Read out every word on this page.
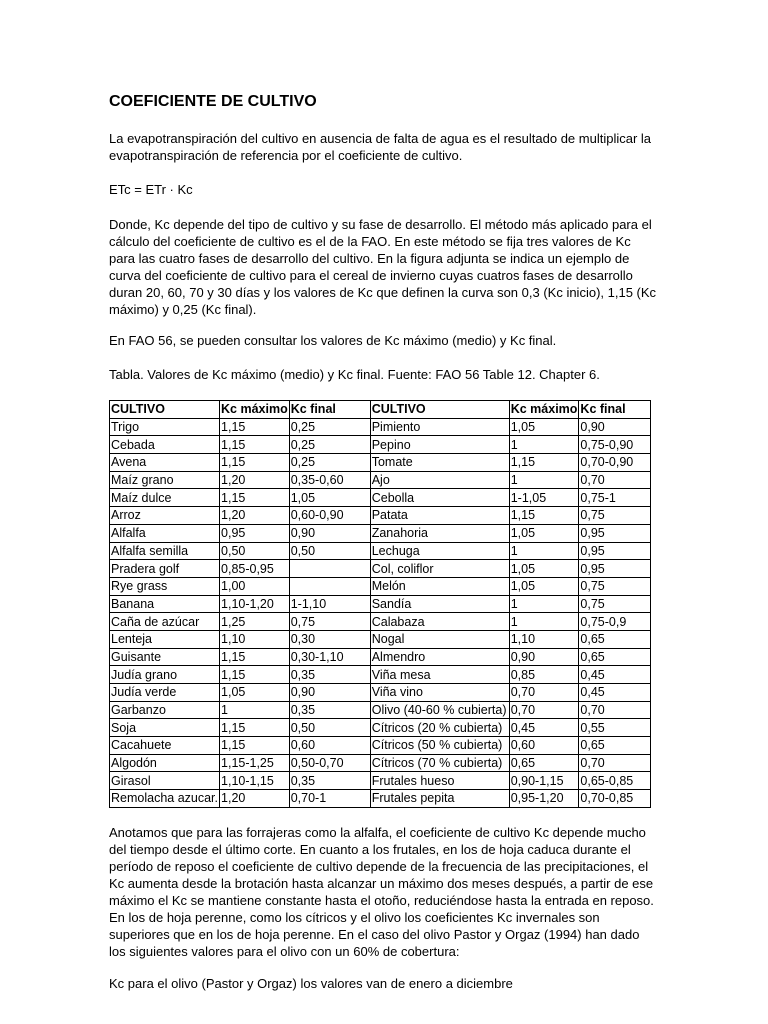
COEFICIENTE DE CULTIVO

La evapotranspiración del cultivo en ausencia de falta de agua es el resultado de multiplicar la evapotranspiración de referencia por el coeficiente de cultivo.

ETc = ETr · Kc

Donde, Kc depende del tipo de cultivo y su fase de desarrollo. El método más aplicado para el cálculo del coeficiente de cultivo es el de la FAO. En este método se fija tres valores de Kc para las cuatro fases de desarrollo del cultivo. En la figura adjunta se indica un ejemplo de curva del coeficiente de cultivo para el cereal de invierno cuyas cuatros fases de desarrollo duran 20, 60, 70 y 30 días y los valores de Kc que definen la curva son 0,3 (Kc inicio), 1,15 (Kc máximo) y 0,25 (Kc final).

En FAO 56, se pueden consultar los valores de Kc máximo (medio) y Kc final.

Tabla. Valores de Kc máximo (medio) y Kc final. Fuente: FAO 56 Table 12. Chapter 6.

CULTIVO	Kc máximo	Kc final	CULTIVO	Kc máximo	Kc final
Trigo	1,15	0,25	Pimiento	1,05	0,90
Cebada	1,15	0,25	Pepino	1	0,75-0,90
Avena	1,15	0,25	Tomate	1,15	0,70-0,90
Maíz grano	1,20	0,35-0,60	Ajo	1	0,70
Maíz dulce	1,15	1,05	Cebolla	1-1,05	0,75-1
Arroz	1,20	0,60-0,90	Patata	1,15	0,75
Alfalfa	0,95	0,90	Zanahoria	1,05	0,95
Alfalfa semilla	0,50	0,50	Lechuga	1	0,95
Pradera golf	0,85-0,95		Col, coliflor	1,05	0,95
Rye grass	1,00		Melón	1,05	0,75
Banana	1,10-1,20	1-1,10	Sandía	1	0,75
Caña de azúcar	1,25	0,75	Calabaza	1	0,75-0,9
Lenteja	1,10	0,30	Nogal	1,10	0,65
Guisante	1,15	0,30-1,10	Almendro	0,90	0,65
Judía grano	1,15	0,35	Viña mesa	0,85	0,45
Judía verde	1,05	0,90	Viña vino	0,70	0,45
Garbanzo	1	0,35	Olivo (40-60 % cubierta)	0,70	0,70
Soja	1,15	0,50	Cítricos (20 % cubierta)	0,45	0,55
Cacahuete	1,15	0,60	Cítricos (50 % cubierta)	0,60	0,65
Algodón	1,15-1,25	0,50-0,70	Cítricos (70 % cubierta)	0,65	0,70
Girasol	1,10-1,15	0,35	Frutales hueso	0,90-1,15	0,65-0,85
Remolacha azucar.	1,20	0,70-1	Frutales pepita	0,95-1,20	0,70-0,85

Anotamos que para las forrajeras como la alfalfa, el coeficiente de cultivo Kc depende mucho del tiempo desde el último corte. En cuanto a los frutales, en los de hoja caduca durante el período de reposo el coeficiente de cultivo depende de la frecuencia de las precipitaciones, el Kc aumenta desde la brotación hasta alcanzar un máximo dos meses después, a partir de ese máximo el Kc se mantiene constante hasta el otoño, reduciéndose hasta la entrada en reposo. En los de hoja perenne, como los cítricos y el olivo los coeficientes Kc invernales son superiores que en los de hoja perenne. En el caso del olivo Pastor y Orgaz (1994) han dado los siguientes valores para el olivo con un 60% de cobertura:

Kc para el olivo (Pastor y Orgaz) los valores van de enero a diciembre
